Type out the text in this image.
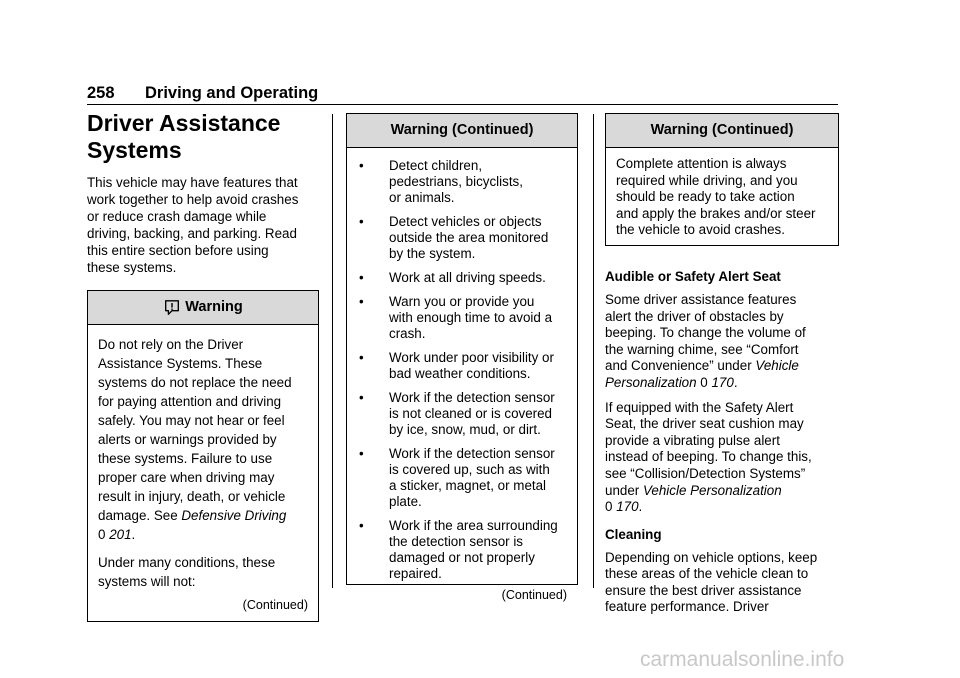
258 Driving and Operating
Driver Assistance
Systems

This vehicle may have features that
work together to help avoid crashes
or reduce crash damage while
driving, backing, and parking. Read
this entire section before using
these systems.

Warning

Do not rely on the Driver
Assistance Systems. These
systems do not replace the need
for paying attention and driving
safely. You may not hear or feel
alerts or warnings provided by
these systems. Failure to use
proper care when driving may
result in injury, death, or vehicle
damage. See Defensive Driving
0 201.

Under many conditions, these
systems will not:

(Continued)
Warning (Continued)
• Detect children,
pedestrians, bicyclists,
or animals.
• Detect vehicles or objects
outside the area monitored
by the system.
• Work at all driving speeds.
• Warn you or provide you
with enough time to avoid a
crash.
• Work under poor visibility or
bad weather conditions.
• Work if the detection sensor
is not cleaned or is covered
by ice, snow, mud, or dirt.
• Work if the detection sensor
is covered up, such as with
a sticker, magnet, or metal
plate.
• Work if the area surrounding
the detection sensor is
damaged or not properly
repaired.
(Continued)
Warning (Continued)

Complete attention is always
required while driving, and you
should be ready to take action
and apply the brakes and/or steer
the vehicle to avoid crashes.

Audible or Safety Alert Seat

Some driver assistance features
alert the driver of obstacles by
beeping. To change the volume of
the warning chime, see “Comfort
and Convenience” under Vehicle
Personalization 0 170.

If equipped with the Safety Alert
Seat, the driver seat cushion may
provide a vibrating pulse alert
instead of beeping. To change this,
see “Collision/Detection Systems”
under Vehicle Personalization
0 170.

Cleaning

Depending on vehicle options, keep
these areas of the vehicle clean to
ensure the best driver assistance
feature performance. Driver

carmanualsonline.info
